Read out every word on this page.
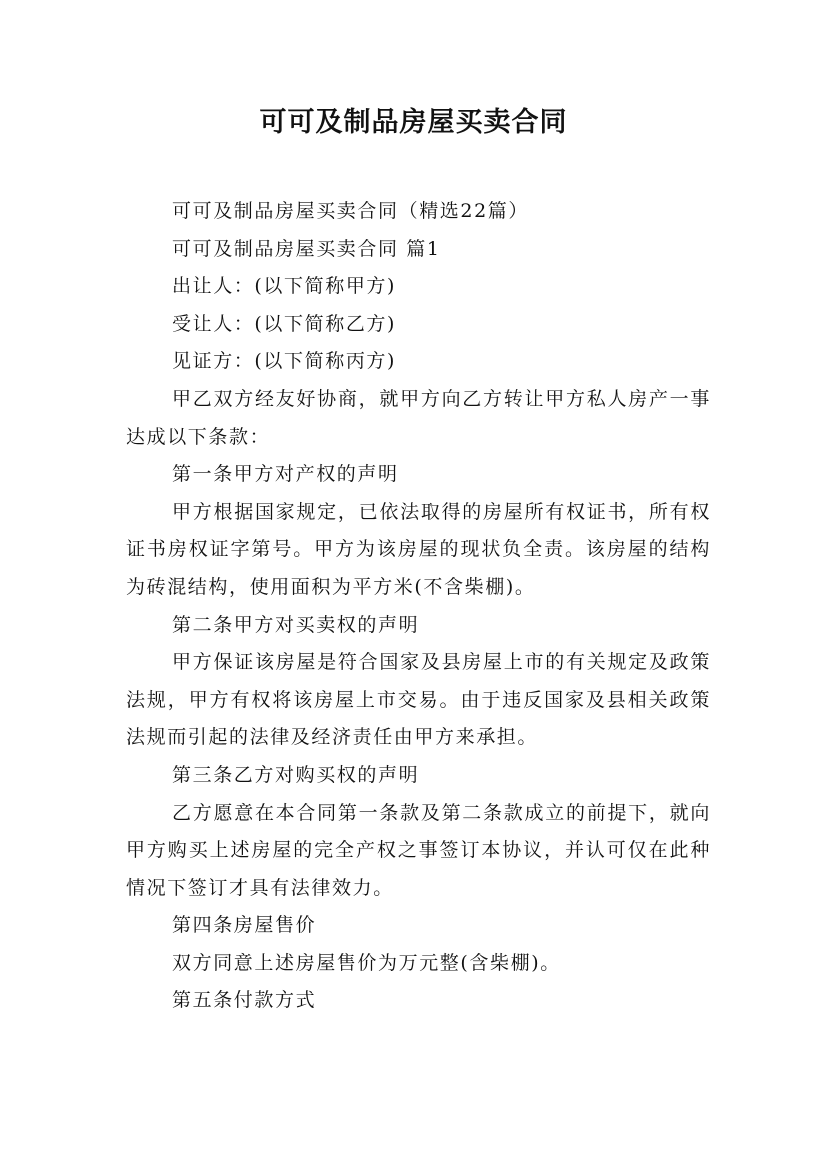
可可及制品房屋买卖合同

可可及制品房屋买卖合同（精选22篇）

可可及制品房屋买卖合同 篇1

出让人：(以下简称甲方)

受让人：(以下简称乙方)

见证方：(以下简称丙方)

甲乙双方经友好协商，就甲方向乙方转让甲方私人房产一事达成以下条款：

第一条甲方对产权的声明

甲方根据国家规定，已依法取得的房屋所有权证书，所有权证书房权证字第号。甲方为该房屋的现状负全责。该房屋的结构为砖混结构，使用面积为平方米(不含柴棚)。

第二条甲方对买卖权的声明

甲方保证该房屋是符合国家及县房屋上市的有关规定及政策法规，甲方有权将该房屋上市交易。由于违反国家及县相关政策法规而引起的法律及经济责任由甲方来承担。

第三条乙方对购买权的声明

乙方愿意在本合同第一条款及第二条款成立的前提下，就向甲方购买上述房屋的完全产权之事签订本协议，并认可仅在此种情况下签订才具有法律效力。

第四条房屋售价

双方同意上述房屋售价为万元整(含柴棚)。

第五条付款方式
